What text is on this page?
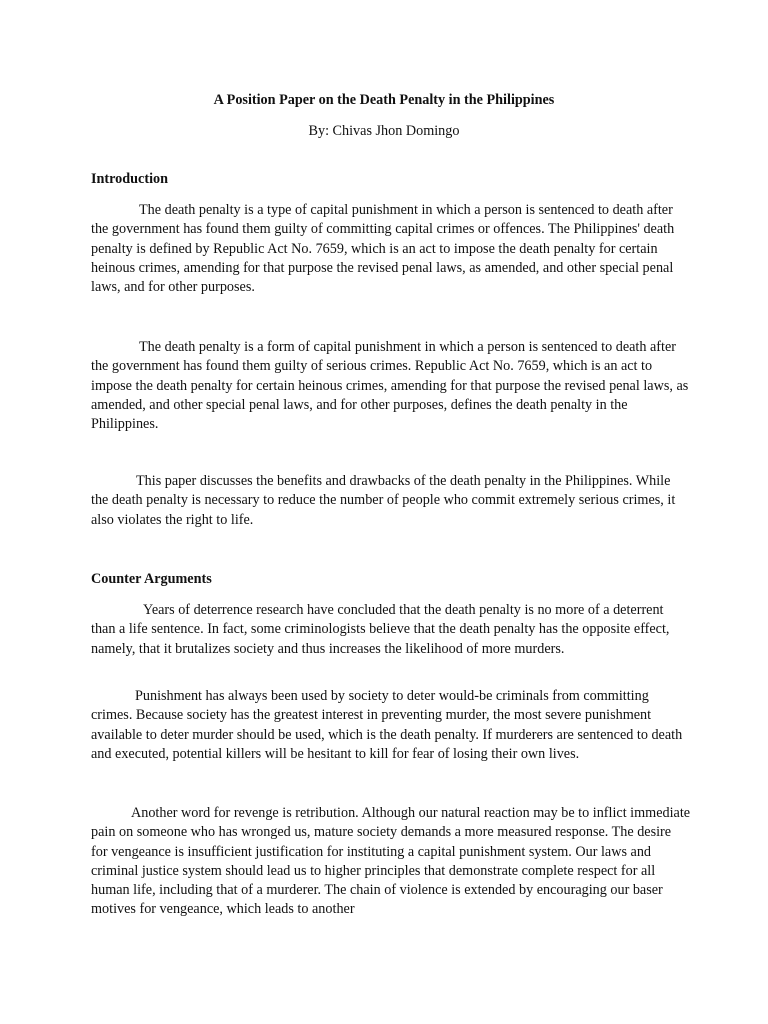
A Position Paper on the Death Penalty in the Philippines
By: Chivas Jhon Domingo
Introduction
The death penalty is a type of capital punishment in which a person is sentenced to death after the government has found them guilty of committing capital crimes or offences. The Philippines' death penalty is defined by Republic Act No. 7659, which is an act to impose the death penalty for certain heinous crimes, amending for that purpose the revised penal laws, as amended, and other special penal laws, and for other purposes.
The death penalty is a form of capital punishment in which a person is sentenced to death after the government has found them guilty of serious crimes. Republic Act No. 7659, which is an act to impose the death penalty for certain heinous crimes, amending for that purpose the revised penal laws, as amended, and other special penal laws, and for other purposes, defines the death penalty in the Philippines.
This paper discusses the benefits and drawbacks of the death penalty in the Philippines. While the death penalty is necessary to reduce the number of people who commit extremely serious crimes, it also violates the right to life.
Counter Arguments
Years of deterrence research have concluded that the death penalty is no more of a deterrent than a life sentence. In fact, some criminologists believe that the death penalty has the opposite effect, namely, that it brutalizes society and thus increases the likelihood of more murders.
Punishment has always been used by society to deter would-be criminals from committing crimes. Because society has the greatest interest in preventing murder, the most severe punishment available to deter murder should be used, which is the death penalty. If murderers are sentenced to death and executed, potential killers will be hesitant to kill for fear of losing their own lives.
Another word for revenge is retribution. Although our natural reaction may be to inflict immediate pain on someone who has wronged us, mature society demands a more measured response. The desire for vengeance is insufficient justification for instituting a capital punishment system. Our laws and criminal justice system should lead us to higher principles that demonstrate complete respect for all human life, including that of a murderer. The chain of violence is extended by encouraging our baser motives for vengeance, which leads to another
